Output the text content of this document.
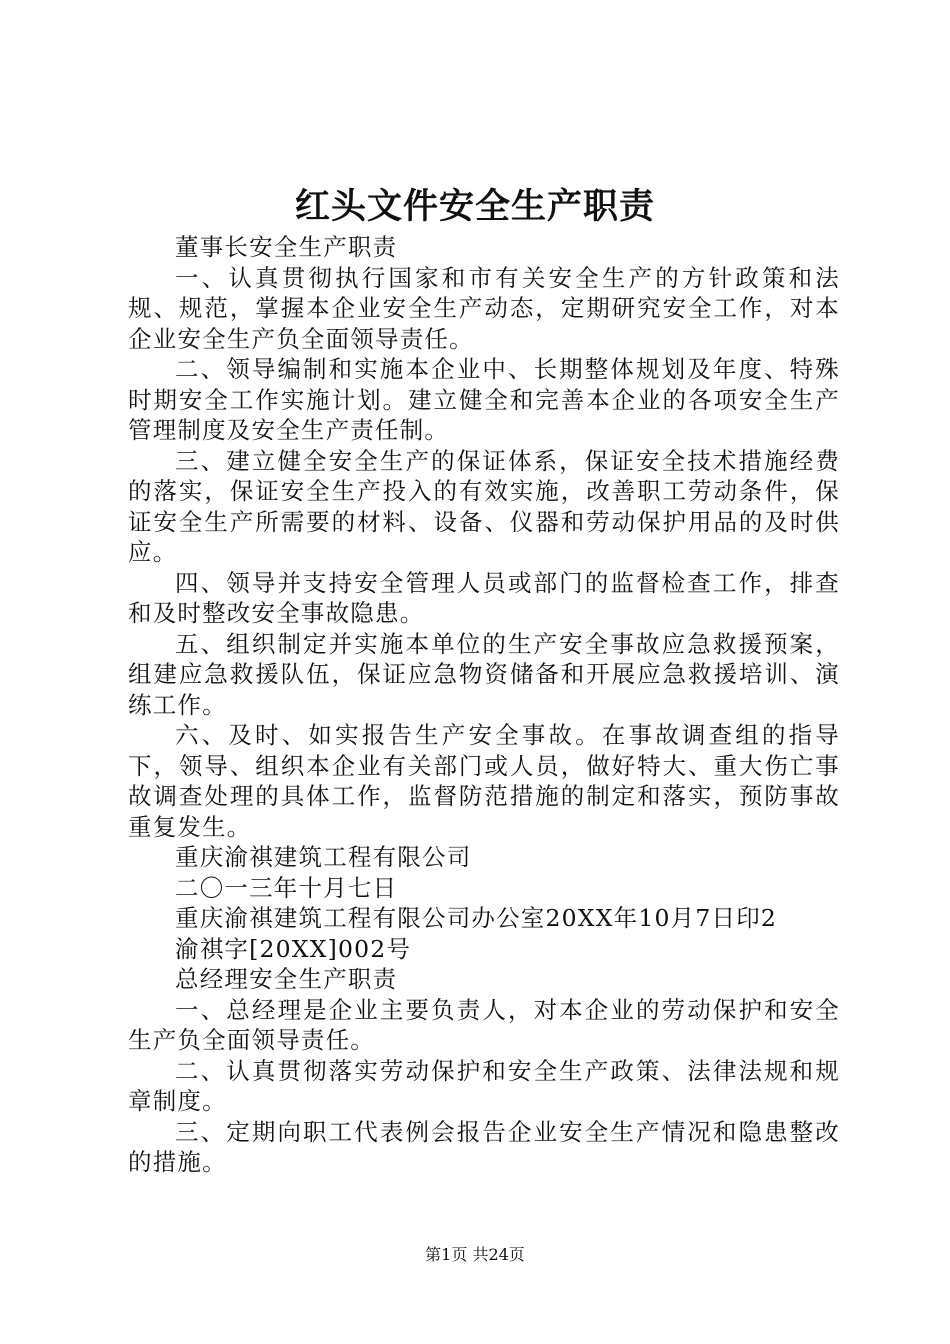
红头文件安全生产职责

董事长安全生产职责

一、认真贯彻执行国家和市有关安全生产的方针政策和法规、规范，掌握本企业安全生产动态，定期研究安全工作，对本企业安全生产负全面领导责任。

二、领导编制和实施本企业中、长期整体规划及年度、特殊时期安全工作实施计划。建立健全和完善本企业的各项安全生产管理制度及安全生产责任制。

三、建立健全安全生产的保证体系，保证安全技术措施经费的落实，保证安全生产投入的有效实施，改善职工劳动条件，保证安全生产所需要的材料、设备、仪器和劳动保护用品的及时供应。

四、领导并支持安全管理人员或部门的监督检查工作，排查和及时整改安全事故隐患。

五、组织制定并实施本单位的生产安全事故应急救援预案，组建应急救援队伍，保证应急物资储备和开展应急救援培训、演练工作。

六、及时、如实报告生产安全事故。在事故调查组的指导下，领导、组织本企业有关部门或人员，做好特大、重大伤亡事故调查处理的具体工作，监督防范措施的制定和落实，预防事故重复发生。

重庆渝祺建筑工程有限公司

二〇一三年十月七日

重庆渝祺建筑工程有限公司办公室20XX年10月7日印2

渝祺字[20XX]002号

总经理安全生产职责

一、总经理是企业主要负责人，对本企业的劳动保护和安全生产负全面领导责任。

二、认真贯彻落实劳动保护和安全生产政策、法律法规和规章制度。

三、定期向职工代表例会报告企业安全生产情况和隐患整改的措施。

第1页 共24页
